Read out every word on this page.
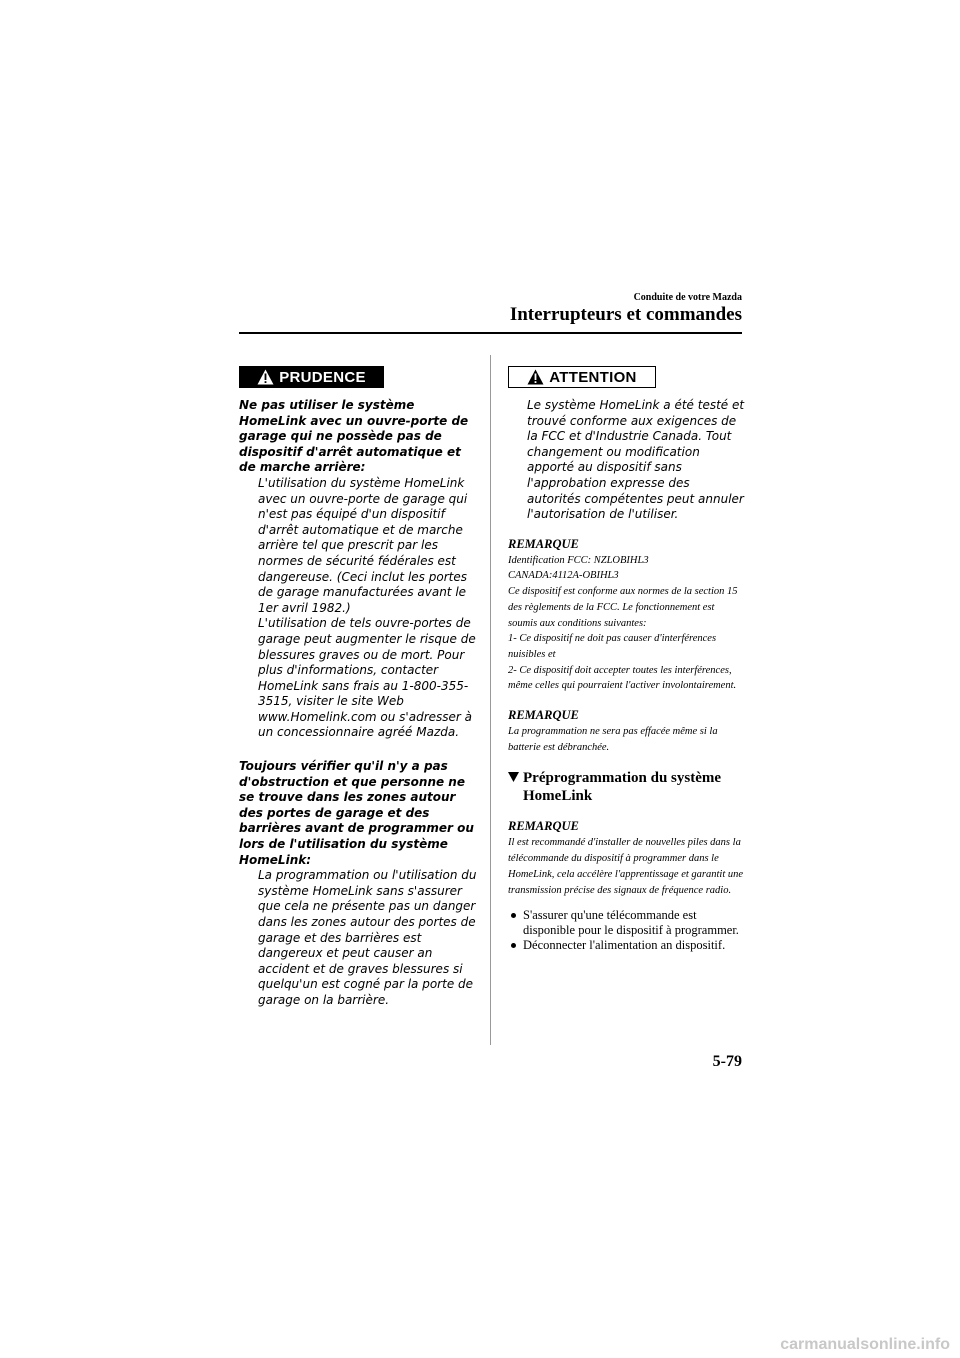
Conduite de votre Mazda
Interrupteurs et commandes
PRUDENCE

Ne pas utiliser le système HomeLink avec un ouvre-porte de garage qui ne possède pas de dispositif d'arrêt automatique et de marche arrière:

L'utilisation du système HomeLink avec un ouvre-porte de garage qui n'est pas équipé d'un dispositif d'arrêt automatique et de marche arrière tel que prescrit par les normes de sécurité fédérales est dangereuse. (Ceci inclut les portes de garage manufacturées avant le 1er avril 1982.)

L'utilisation de tels ouvre-portes de garage peut augmenter le risque de blessures graves ou de mort. Pour plus d'informations, contacter HomeLink sans frais au 1-800-355-3515, visiter le site Web www.Homelink.com ou s'adresser à un concessionnaire agréé Mazda.

Toujours vérifier qu'il n'y a pas d'obstruction et que personne ne se trouve dans les zones autour des portes de garage et des barrières avant de programmer ou lors de l'utilisation du système HomeLink:

La programmation ou l'utilisation du système HomeLink sans s'assurer que cela ne présente pas un danger dans les zones autour des portes de garage et des barrières est dangereux et peut causer an accident et de graves blessures si quelqu'un est cogné par la porte de garage on la barrière.

ATTENTION

Le système HomeLink a été testé et trouvé conforme aux exigences de la FCC et d'Industrie Canada. Tout changement ou modification apporté au dispositif sans l'approbation expresse des autorités compétentes peut annuler l'autorisation de l'utiliser.

REMARQUE

Identification FCC: NZLOBIHL3

CANADA:4112A-OBIHL3

Ce dispositif est conforme aux normes de la section 15 des règlements de la FCC. Le fonctionnement est soumis aux conditions suivantes:

1- Ce dispositif ne doit pas causer d'interférences nuisibles et

2- Ce dispositif doit accepter toutes les interférences, même celles qui pourraient l'activer involontairement.

REMARQUE

La programmation ne sera pas effacée même si la batterie est débranchée.

Préprogrammation du système HomeLink
REMARQUE

Il est recommandé d'installer de nouvelles piles dans la télécommande du dispositif à programmer dans le HomeLink, cela accélère l'apprentissage et garantit une transmission précise des signaux de fréquence radio.

S'assurer qu'une télécommande est disponible pour le dispositif à programmer.
Déconnecter l'alimentation an dispositif.
5-79
carmanualsonline.info
